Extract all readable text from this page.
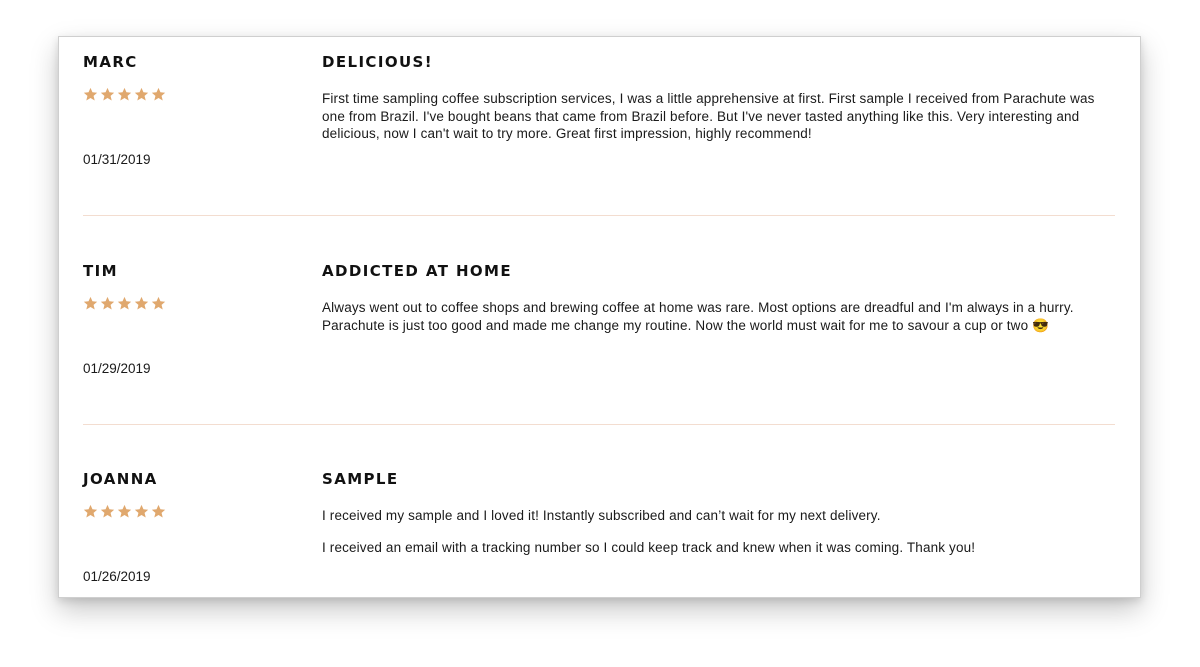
MARC
01/31/2019
DELICIOUS!

First time sampling coffee subscription services, I was a little apprehensive at first. First sample I received from Parachute was one from Brazil. I've bought beans that came from Brazil before. But I've never tasted anything like this. Very interesting and delicious, now I can't wait to try more. Great first impression, highly recommend!

TIM
01/29/2019
ADDICTED AT HOME

Always went out to coffee shops and brewing coffee at home was rare. Most options are dreadful and I'm always in a hurry. Parachute is just too good and made me change my routine. Now the world must wait for me to savour a cup or two 😎

JOANNA
01/26/2019
SAMPLE

I received my sample and I loved it! Instantly subscribed and can’t wait for my next delivery.

I received an email with a tracking number so I could keep track and knew when it was coming. Thank you!
